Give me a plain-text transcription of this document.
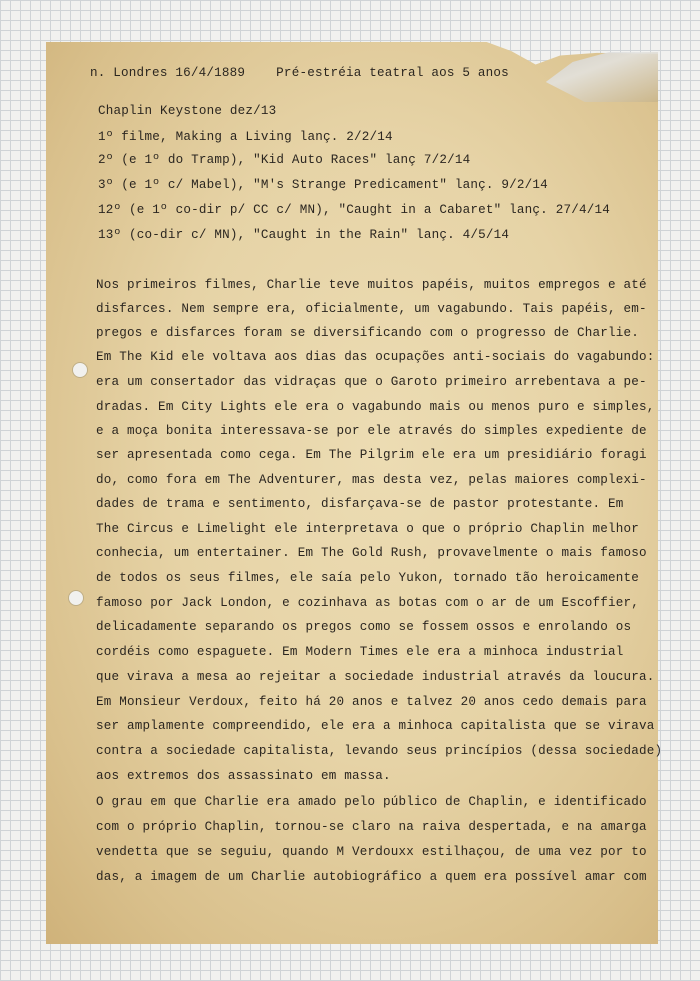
n. Londres 16/4/1889    Pré-estréia teatral aos 5 anos
Chaplin Keystone dez/13
1º filme, Making a Living lanç. 2/2/14
2º (e 1º do Tramp), "Kid Auto Races" lanç 7/2/14
3º (e 1º c/ Mabel), "M's Strange Predicament" lanç. 9/2/14
12º (e 1º co-dir p/ CC c/ MN), "Caught in a Cabaret" lanç. 27/4/14
13º (co-dir c/ MN), "Caught in the Rain" lanç. 4/5/14
Nos primeiros filmes, Charlie teve muitos papéis, muitos empregos e até
disfarces. Nem sempre era, oficialmente, um vagabundo. Tais papéis, em-
pregos e disfarces foram se diversificando com o progresso de Charlie.
Em The Kid ele voltava aos dias das ocupações anti-sociais do vagabundo:
era um consertador das vidraças que o Garoto primeiro arrebentava a pe-
dradas. Em City Lights ele era o vagabundo mais ou menos puro e simples,
e a moça bonita interessava-se por ele através do simples expediente de
ser apresentada como cega. Em The Pilgrim ele era um presidiário foragi
do, como fora em The Adventurer, mas desta vez, pelas maiores complexi-
dades de trama e sentimento, disfarçava-se de pastor protestante. Em
The Circus e Limelight ele interpretava o que o próprio Chaplin melhor
conhecia, um entertainer. Em The Gold Rush, provavelmente o mais famoso
de todos os seus filmes, ele saía pelo Yukon, tornado tão heroicamente
famoso por Jack London, e cozinhava as botas com o ar de um Escoffier,
delicadamente separando os pregos como se fossem ossos e enrolando os
cordéis como espaguete. Em Modern Times ele era a minhoca industrial
que virava a mesa ao rejeitar a sociedade industrial através da loucura.
Em Monsieur Verdoux, feito há 20 anos e talvez 20 anos cedo demais para
ser amplamente compreendido, ele era a minhoca capitalista que se virava
contra a sociedade capitalista, levando seus princípios (dessa sociedade)
aos extremos dos assassinato em massa.
O grau em que Charlie era amado pelo público de Chaplin, e identificado
com o próprio Chaplin, tornou-se claro na raiva despertada, e na amarga
vendetta que se seguiu, quando M Verdouxx estilhaçou, de uma vez por to
das, a imagem de um Charlie autobiográfico a quem era possível amar com
